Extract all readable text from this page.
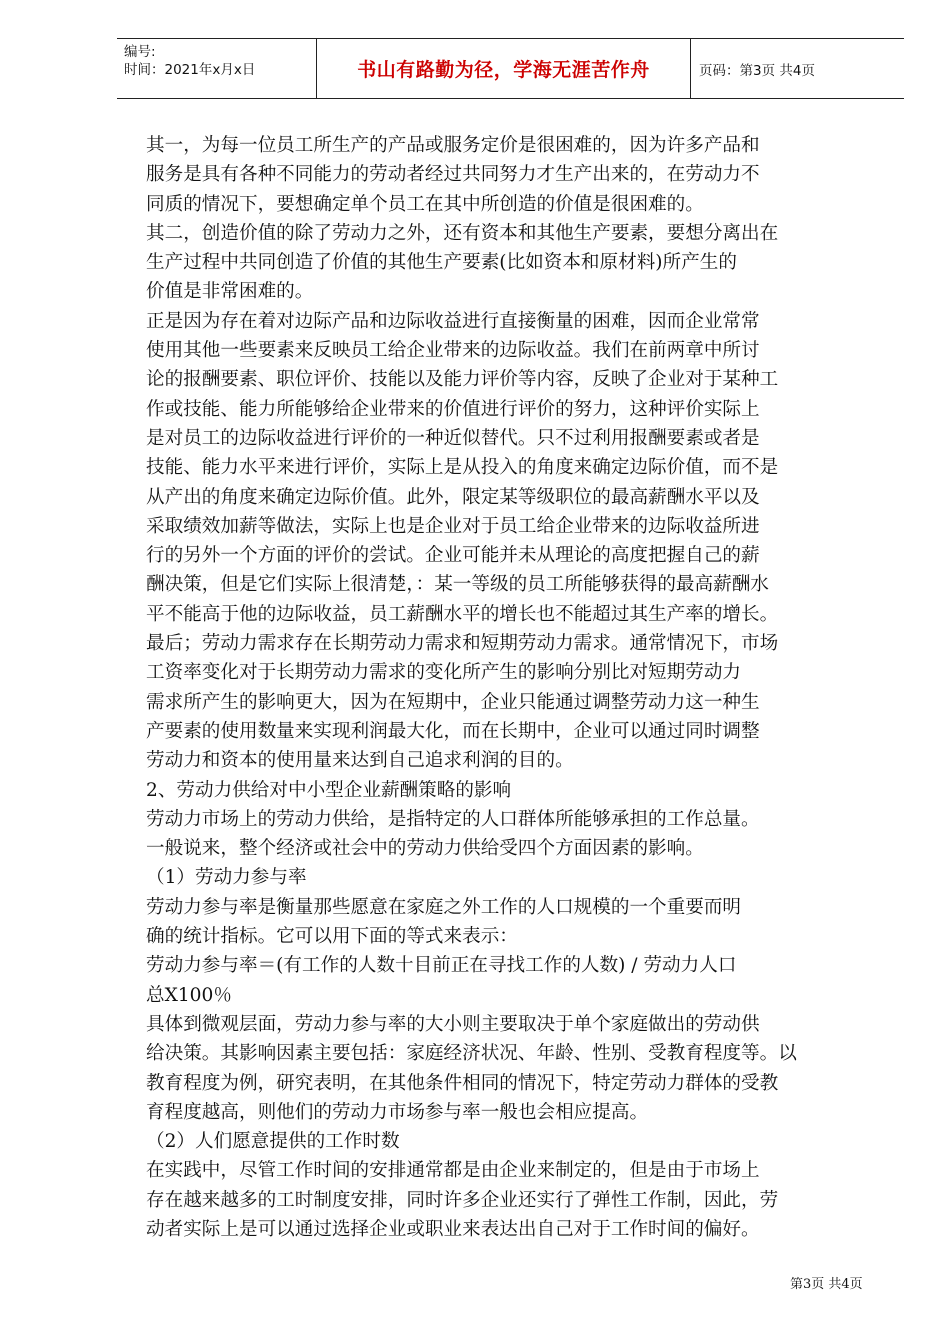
编号:
时间：2021年x月x日	书山有路勤为径，学海无涯苦作舟	页码：第3页 共4页
其一，为每一位员工所生产的产品或服务定价是很困难的，因为许多产品和
服务是具有各种不同能力的劳动者经过共同努力才生产出来的，在劳动力不
同质的情况下，要想确定单个员工在其中所创造的价值是很困难的。
其二，创造价值的除了劳动力之外，还有资本和其他生产要素，要想分离出在
生产过程中共同创造了价值的其他生产要素(比如资本和原材料)所产生的
价值是非常困难的。
正是因为存在着对边际产品和边际收益进行直接衡量的困难，因而企业常常
使用其他一些要素来反映员工给企业带来的边际收益。我们在前两章中所讨
论的报酬要素、职位评价、技能以及能力评价等内容，反映了企业对于某种工
作或技能、能力所能够给企业带来的价值进行评价的努力，这种评价实际上
是对员工的边际收益进行评价的一种近似替代。只不过利用报酬要素或者是
技能、能力水平来进行评价，实际上是从投入的角度来确定边际价值，而不是
从产出的角度来确定边际价值。此外，限定某等级职位的最高薪酬水平以及
采取绩效加薪等做法，实际上也是企业对于员工给企业带来的边际收益所进
行的另外一个方面的评价的尝试。企业可能并未从理论的高度把握自己的薪
酬决策，但是它们实际上很清楚，：某一等级的员工所能够获得的最高薪酬水
平不能高于他的边际收益，员工薪酬水平的增长也不能超过其生产率的增长。
最后；劳动力需求存在长期劳动力需求和短期劳动力需求。通常情况下，市场
工资率变化对于长期劳动力需求的变化所产生的影响分别比对短期劳动力
需求所产生的影响更大，因为在短期中，企业只能通过调整劳动力这一种生
产要素的使用数量来实现利润最大化，而在长期中，企业可以通过同时调整
劳动力和资本的使用量来达到自己追求利润的目的。
2、劳动力供给对中小型企业薪酬策略的影响
劳动力市场上的劳动力供给，是指特定的人口群体所能够承担的工作总量。
一般说来，整个经济或社会中的劳动力供给受四个方面因素的影响。
（1）劳动力参与率
劳动力参与率是衡量那些愿意在家庭之外工作的人口规模的一个重要而明
确的统计指标。它可以用下面的等式来表示：
劳动力参与率＝(有工作的人数十目前正在寻找工作的人数) / 劳动力人口
总X100％
具体到微观层面，劳动力参与率的大小则主要取决于单个家庭做出的劳动供
给决策。其影响因素主要包括：家庭经济状况、年龄、性别、受教育程度等。以
教育程度为例，研究表明，在其他条件相同的情况下，特定劳动力群体的受教
育程度越高，则他们的劳动力市场参与率一般也会相应提高。
（2）人们愿意提供的工作时数
在实践中，尽管工作时间的安排通常都是由企业来制定的，但是由于市场上
存在越来越多的工时制度安排，同时许多企业还实行了弹性工作制，因此，劳
动者实际上是可以通过选择企业或职业来表达出自己对于工作时间的偏好。
第3页 共4页
